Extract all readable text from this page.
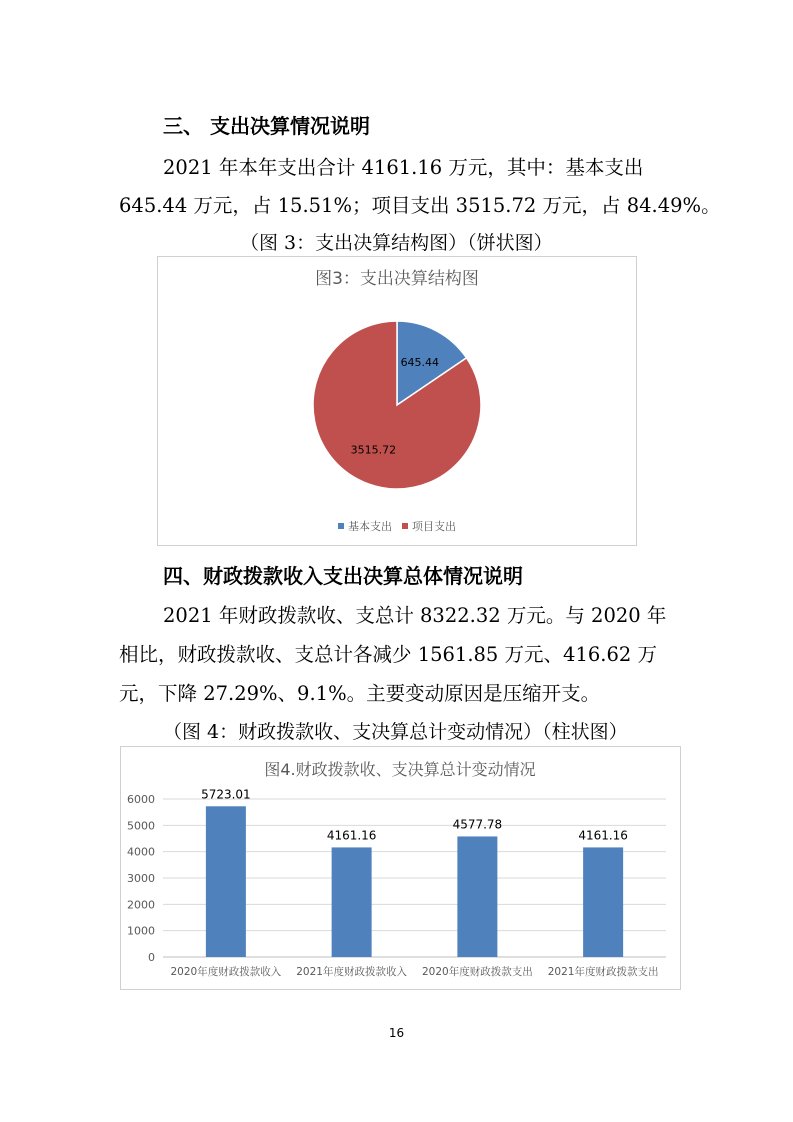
三、 支出决算情况说明
2021 年本年支出合计 4161.16 万元，其中：基本支出
645.44 万元，占 15.51%；项目支出 3515.72 万元，占 84.49%。
（图 3：支出决算结构图）（饼状图）
图3：支出决算结构图
645.44
3515.72
基本支出 项目支出
四、财政拨款收入支出决算总体情况说明
2021 年财政拨款收、支总计 8322.32 万元。与 2020 年
相比，财政拨款收、支总计各减少 1561.85 万元、416.62 万
元，下降 27.29%、9.1%。主要变动原因是压缩开支。
（图 4：财政拨款收、支决算总计变动情况）（柱状图）
图4.财政拨款收、支决算总计变动情况
5723.01
4161.16
4577.78
4161.16
0
1000
2000
3000
4000
5000
6000
2020年度财政拨款收入 2021年度财政拨款收入 2020年度财政拨款支出 2021年度财政拨款支出
16
